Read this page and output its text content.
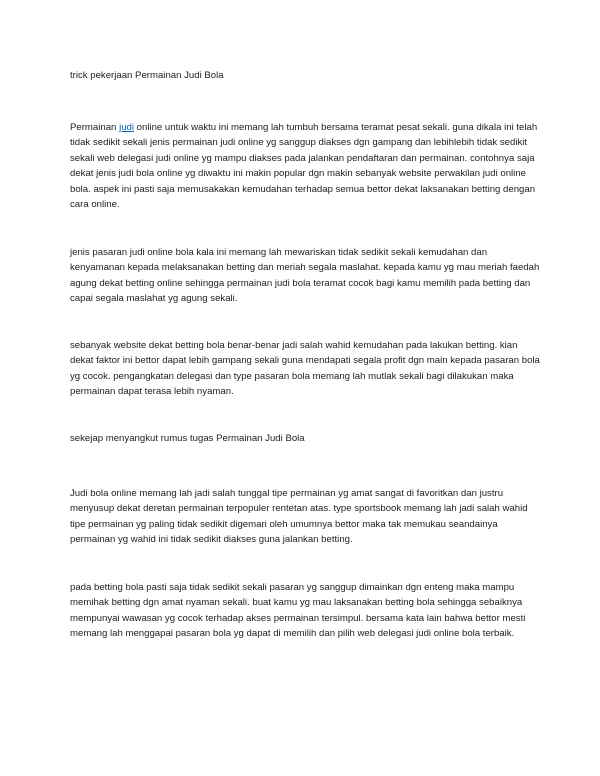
trick pekerjaan Permainan Judi Bola

Permainan judi online untuk waktu ini memang lah tumbuh bersama teramat pesat sekali. guna dikala ini telah tidak sedikit sekali jenis permainan judi online yg sanggup diakses dgn gampang dan lebihlebih tidak sedikit sekali web delegasi judi online yg mampu diakses pada jalankan pendaftaran dan permainan. contohnya saja dekat jenis judi bola online yg diwaktu ini makin popular dgn makin sebanyak website perwakilan judi online bola. aspek ini pasti saja memusakakan kemudahan terhadap semua bettor dekat laksanakan betting dengan cara online.

jenis pasaran judi online bola kala ini memang lah mewariskan tidak sedikit sekali kemudahan dan kenyamanan kepada melaksanakan betting dan meriah segala maslahat. kepada kamu yg mau meriah faedah agung dekat betting online sehingga permainan judi bola teramat cocok bagi kamu memilih pada betting dan capai segala maslahat yg agung sekali.

sebanyak website dekat betting bola benar-benar jadi salah wahid kemudahan pada lakukan betting. kian dekat faktor ini bettor dapat lebih gampang sekali guna mendapati segala profit dgn main kepada pasaran bola yg cocok. pengangkatan delegasi dan type pasaran bola memang lah mutlak sekali bagi dilakukan maka permainan dapat terasa lebih nyaman.

sekejap menyangkut rumus tugas Permainan Judi Bola

Judi bola online memang lah jadi salah tunggal tipe permainan yg amat sangat di favoritkan dan justru menyusup dekat deretan permainan terpopuler rentetan atas. type sportsbook memang lah jadi salah wahid tipe permainan yg paling tidak sedikit digemari oleh umumnya bettor maka tak memukau seandainya permainan yg wahid ini tidak sedikit diakses guna jalankan betting.

pada betting bola pasti saja tidak sedikit sekali pasaran yg sanggup dimainkan dgn enteng maka mampu memihak betting dgn amat nyaman sekali. buat kamu yg mau laksanakan betting bola sehingga sebaiknya mempunyai wawasan yg cocok terhadap akses permainan tersimpul. bersama kata lain bahwa bettor mesti memang lah menggapai pasaran bola yg dapat di memilih dan pilih web delegasi judi online bola terbaik.
